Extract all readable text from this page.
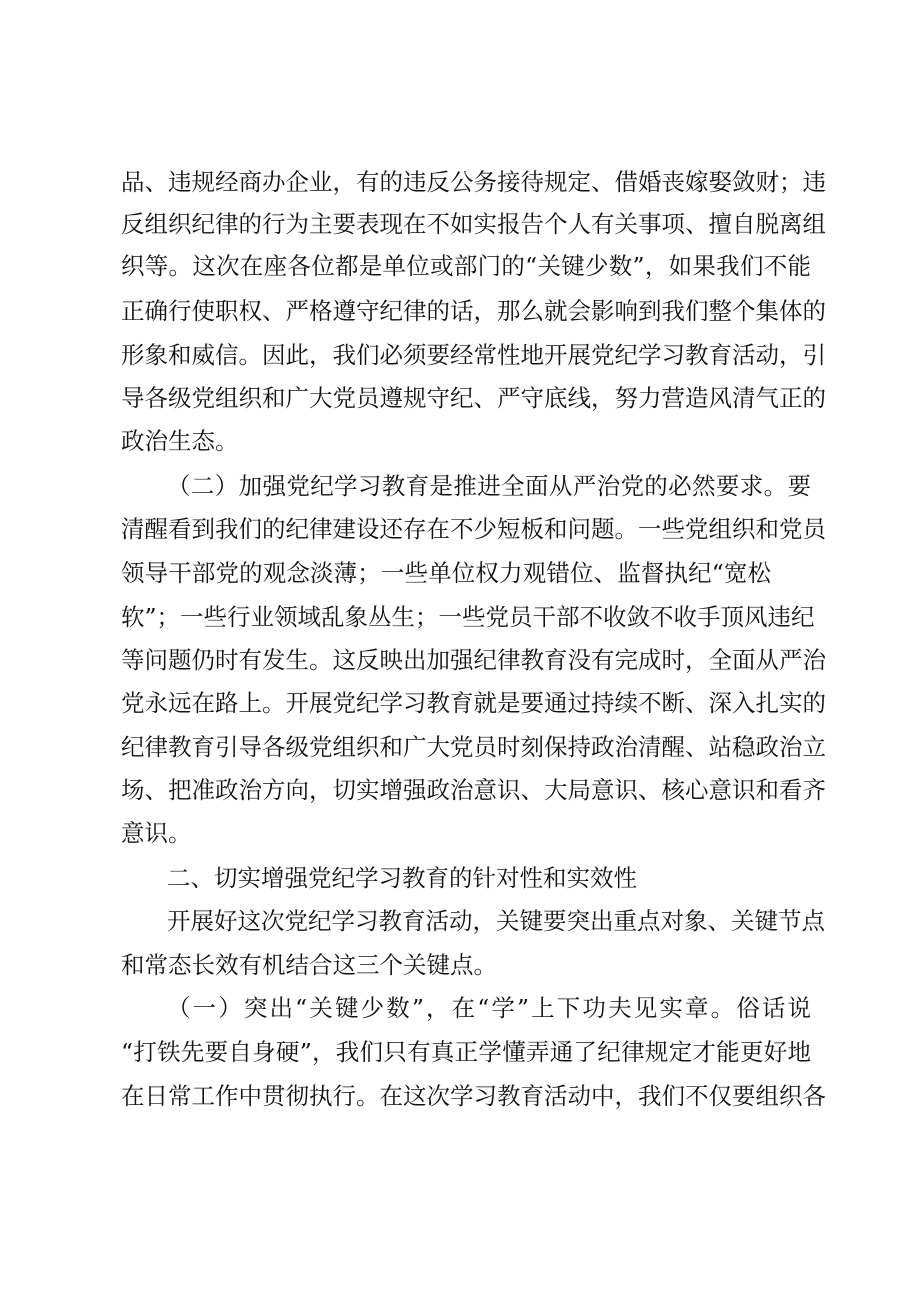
品、违规经商办企业，有的违反公务接待规定、借婚丧嫁娶敛财；违
反组织纪律的行为主要表现在不如实报告个人有关事项、擅自脱离组
织等。这次在座各位都是单位或部门的“关键少数”，如果我们不能
正确行使职权、严格遵守纪律的话，那么就会影响到我们整个集体的
形象和威信。因此，我们必须要经常性地开展党纪学习教育活动，引
导各级党组织和广大党员遵规守纪、严守底线，努力营造风清气正的
政治生态。
（二）加强党纪学习教育是推进全面从严治党的必然要求。要
清醒看到我们的纪律建设还存在不少短板和问题。一些党组织和党员
领导干部党的观念淡薄；一些单位权力观错位、监督执纪“宽松
软”；一些行业领域乱象丛生；一些党员干部不收敛不收手顶风违纪
等问题仍时有发生。这反映出加强纪律教育没有完成时，全面从严治
党永远在路上。开展党纪学习教育就是要通过持续不断、深入扎实的
纪律教育引导各级党组织和广大党员时刻保持政治清醒、站稳政治立
场、把准政治方向，切实增强政治意识、大局意识、核心意识和看齐
意识。
二、切实增强党纪学习教育的针对性和实效性
开展好这次党纪学习教育活动，关键要突出重点对象、关键节点
和常态长效有机结合这三个关键点。
（一）突出“关键少数”，在“学”上下功夫见实章。俗话说
“打铁先要自身硬”，我们只有真正学懂弄通了纪律规定才能更好地
在日常工作中贯彻执行。在这次学习教育活动中，我们不仅要组织各
